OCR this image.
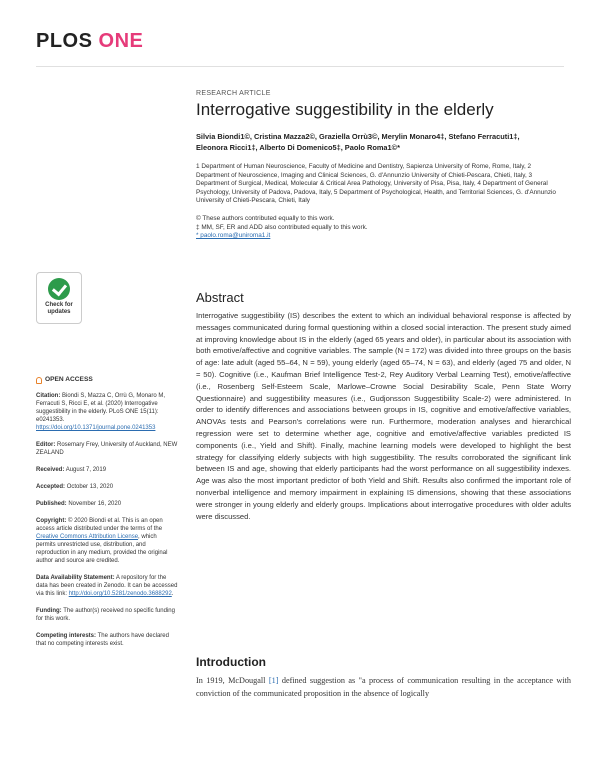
PLOS ONE
RESEARCH ARTICLE
Interrogative suggestibility in the elderly
Silvia Biondi1©, Cristina Mazza2©, Graziella Orrù3©, Merylin Monaro4‡, Stefano Ferracuti1‡,
Eleonora Ricci1‡, Alberto Di Domenico5‡, Paolo Roma1©*
1 Department of Human Neuroscience, Faculty of Medicine and Dentistry, Sapienza University of Rome, Rome, Italy, 2 Department of Neuroscience, Imaging and Clinical Sciences, G. d'Annunzio University of Chieti-Pescara, Chieti, Italy, 3 Department of Surgical, Medical, Molecular & Critical Area Pathology, University of Pisa, Pisa, Italy, 4 Department of General Psychology, University of Padova, Padova, Italy, 5 Department of Psychological, Health, and Territorial Sciences, G. d'Annunzio University of Chieti-Pescara, Chieti, Italy
© These authors contributed equally to this work.
‡ MM, SF, ER and ADD also contributed equally to this work.
* paolo.roma@uniroma1.it
Check for updates
OPEN ACCESS

Citation: Biondi S, Mazza C, Orrù G, Monaro M, Ferracuti S, Ricci E, et al. (2020) Interrogative suggestibility in the elderly. PLoS ONE 15(11): e0241353. https://doi.org/10.1371/journal.pone.0241353

Editor: Rosemary Frey, University of Auckland, NEW ZEALAND

Received: August 7, 2019

Accepted: October 13, 2020

Published: November 16, 2020

Copyright: © 2020 Biondi et al. This is an open access article distributed under the terms of the Creative Commons Attribution License, which permits unrestricted use, distribution, and reproduction in any medium, provided the original author and source are credited.

Data Availability Statement: A repository for the data has been created in Zenodo. It can be accessed via this link: http://doi.org/10.5281/zenodo.3688292.

Funding: The author(s) received no specific funding for this work.

Competing interests: The authors have declared that no competing interests exist.

Abstract
Interrogative suggestibility (IS) describes the extent to which an individual behavioral response is affected by messages communicated during formal questioning within a closed social interaction. The present study aimed at improving knowledge about IS in the elderly (aged 65 years and older), in particular about its association with both emotive/affective and cognitive variables. The sample (N = 172) was divided into three groups on the basis of age: late adult (aged 55–64, N = 59), young elderly (aged 65–74, N = 63), and elderly (aged 75 and older, N = 50). Cognitive (i.e., Kaufman Brief Intelligence Test-2, Rey Auditory Verbal Learning Test), emotive/affective (i.e., Rosenberg Self-Esteem Scale, Marlowe–Crowne Social Desirability Scale, Penn State Worry Questionnaire) and suggestibility measures (i.e., Gudjonsson Suggestibility Scale-2) were administered. In order to identify differences and associations between groups in IS, cognitive and emotive/affective variables, ANOVAs tests and Pearson's correlations were run. Furthermore, moderation analyses and hierarchical regression were set to determine whether age, cognitive and emotive/affective variables predicted IS components (i.e., Yield and Shift). Finally, machine learning models were developed to highlight the best strategy for classifying elderly subjects with high suggestibility. The results corroborated the significant link between IS and age, showing that elderly participants had the worst performance on all suggestibility indexes. Age was also the most important predictor of both Yield and Shift. Results also confirmed the important role of nonverbal intelligence and memory impairment in explaining IS dimensions, showing that these associations were stronger in young elderly and elderly groups. Implications about interrogative procedures with older adults were discussed.
Introduction
In 1919, McDougall [1] defined suggestion as "a process of communication resulting in the acceptance with conviction of the communicated proposition in the absence of logically
